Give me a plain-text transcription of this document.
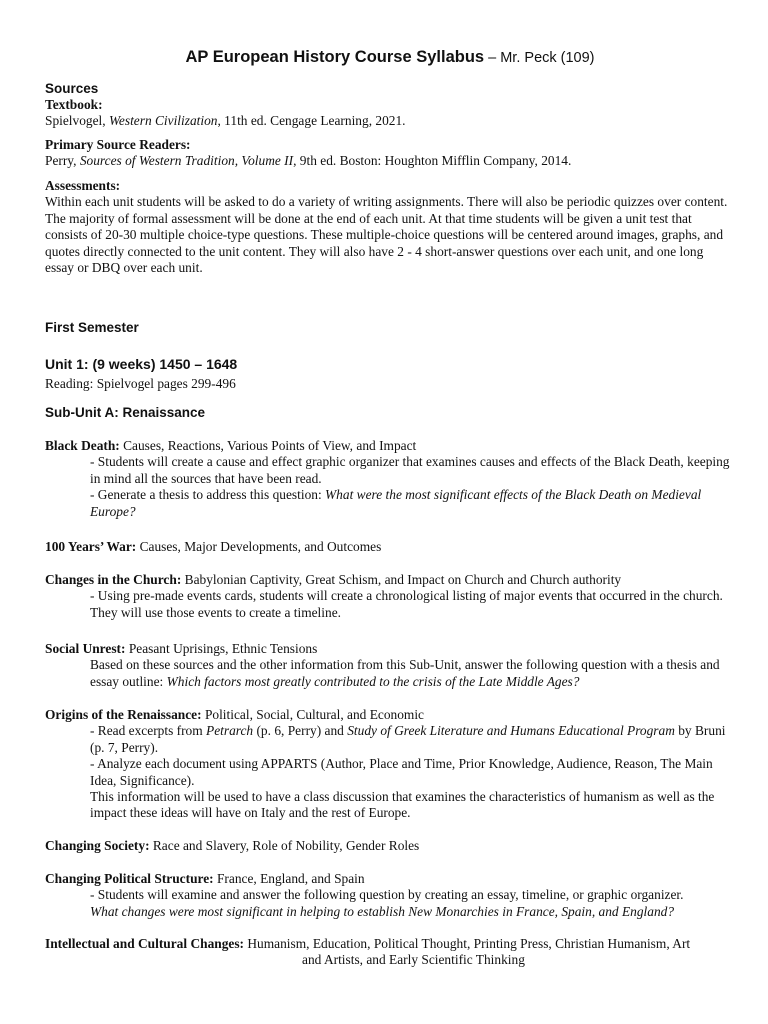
AP European History Course Syllabus – Mr. Peck (109)
Sources

Textbook:

Spielvogel, Western Civilization, 11th ed. Cengage Learning, 2021.

Primary Source Readers:

Perry, Sources of Western Tradition, Volume II, 9th ed. Boston: Houghton Mifflin Company, 2014.

Assessments:

Within each unit students will be asked to do a variety of writing assignments. There will also be periodic quizzes over content. The majority of formal assessment will be done at the end of each unit. At that time students will be given a unit test that consists of 20-30 multiple choice-type questions. These multiple-choice questions will be centered around images, graphs, and quotes directly connected to the unit content. They will also have 2 - 4 short-answer questions over each unit, and one long essay or DBQ over each unit.

First Semester
Unit 1: (9 weeks) 1450 – 1648
Reading: Spielvogel pages 299-496
Sub-Unit A: Renaissance

Black Death: Causes, Reactions, Various Points of View, and Impact

- Students will create a cause and effect graphic organizer that examines causes and effects of the Black Death, keeping in mind all the sources that have been read.

- Generate a thesis to address this question: What were the most significant effects of the Black Death on Medieval Europe?

100 Years’ War: Causes, Major Developments, and Outcomes

Changes in the Church: Babylonian Captivity, Great Schism, and Impact on Church and Church authority

- Using pre-made events cards, students will create a chronological listing of major events that occurred in the church. They will use those events to create a timeline.

Social Unrest: Peasant Uprisings, Ethnic Tensions

Based on these sources and the other information from this Sub-Unit, answer the following question with a thesis and essay outline: Which factors most greatly contributed to the crisis of the Late Middle Ages?

Origins of the Renaissance: Political, Social, Cultural, and Economic

- Read excerpts from Petrarch (p. 6, Perry) and Study of Greek Literature and Humans Educational Program by Bruni (p. 7, Perry).

- Analyze each document using APPARTS (Author, Place and Time, Prior Knowledge, Audience, Reason, The Main Idea, Significance).

This information will be used to have a class discussion that examines the characteristics of humanism as well as the impact these ideas will have on Italy and the rest of Europe.

Changing Society: Race and Slavery, Role of Nobility, Gender Roles

Changing Political Structure: France, England, and Spain

- Students will examine and answer the following question by creating an essay, timeline, or graphic organizer.

What changes were most significant in helping to establish New Monarchies in France, Spain, and England?

Intellectual and Cultural Changes: Humanism, Education, Political Thought, Printing Press, Christian Humanism, Art

and Artists, and Early Scientific Thinking
